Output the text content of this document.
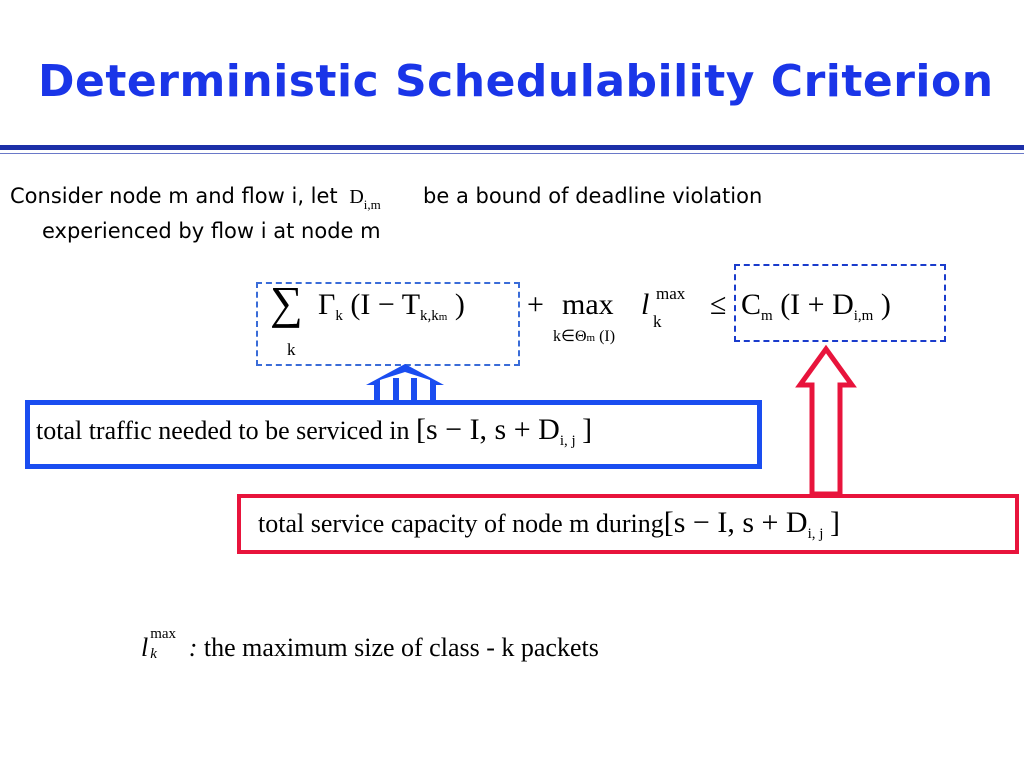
Deterministic Schedulability Criterion
Consider node m and flow i, let $D_{i,m}$ be a bound of deadline violation
experienced by flow i at node m
∑
k
$\Gamma_k$ ($I - T_{k,km}$ ) + max
k∈Θm (I)
l max
k
≤ $C_m$ ($I + D_{i,m}$ )
total traffic needed to be serviced in [s − I, $s + D_{i, j}$ ]
total service capacity of node m during[s − I, $s + D_{i, j}$ ]
l max
k : the maximum size of class - k packets
